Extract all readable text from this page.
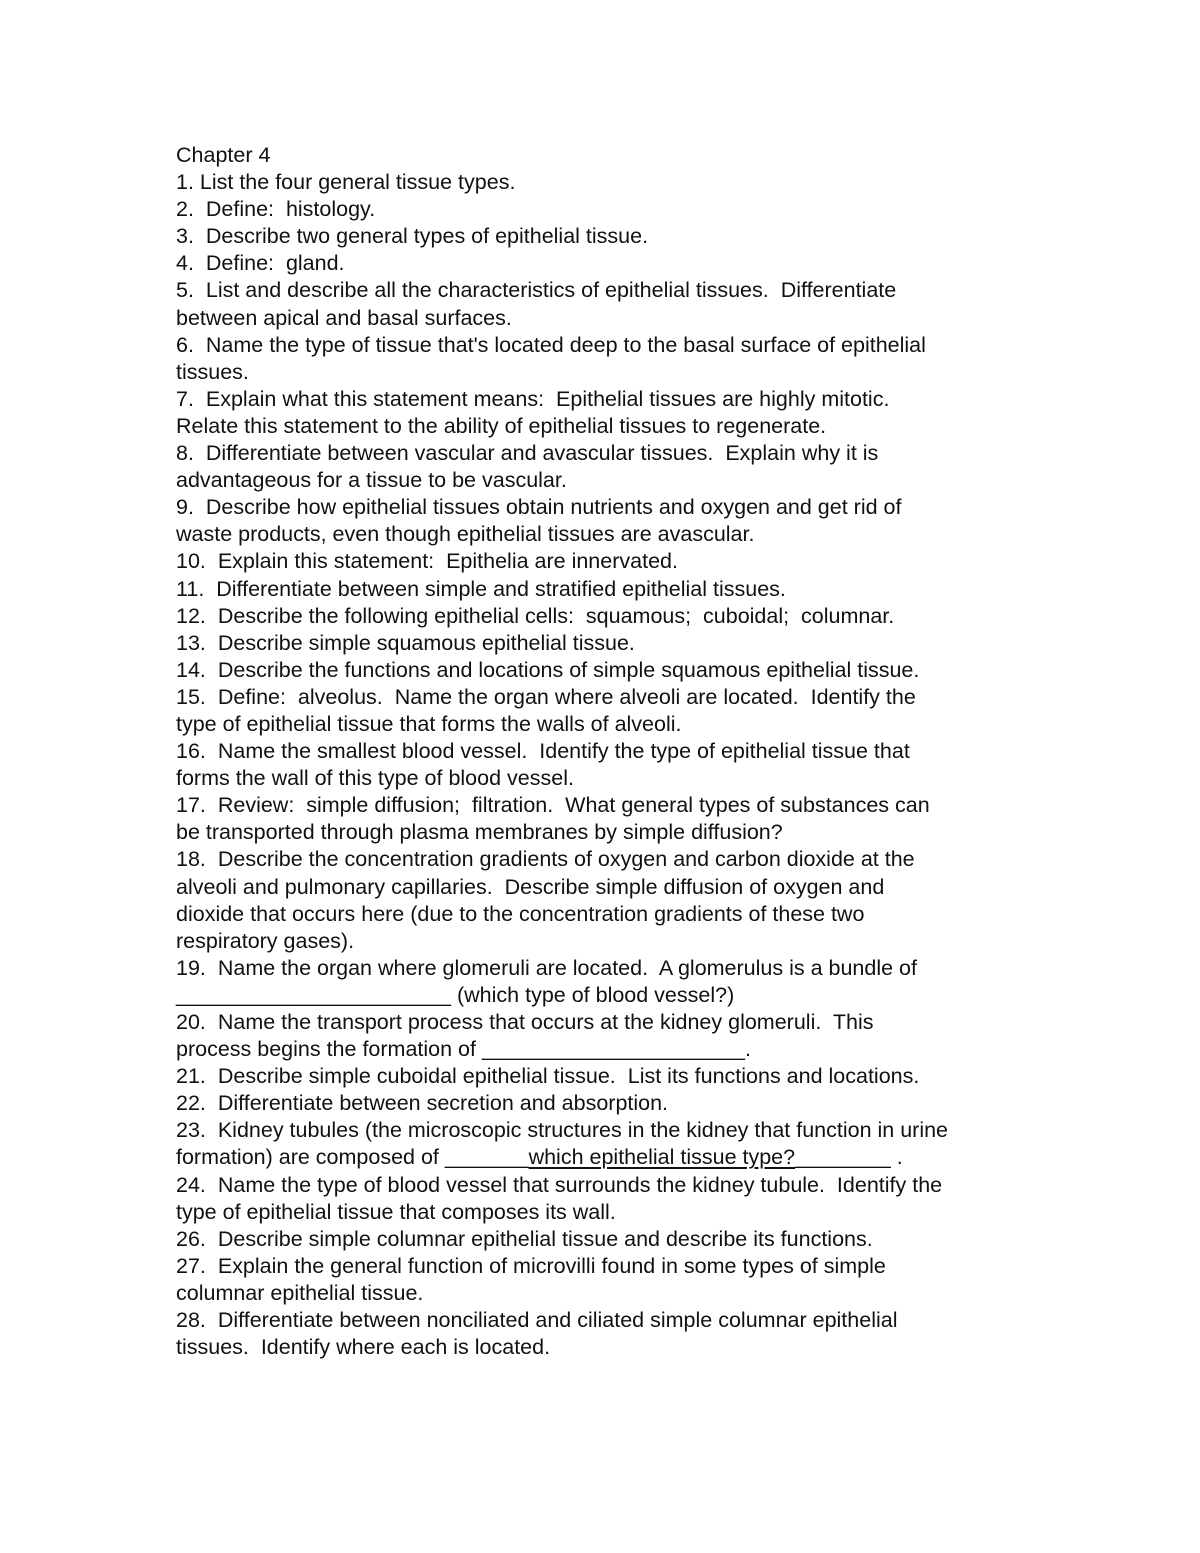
Chapter 4
1. List the four general tissue types.
2.  Define:  histology.
3.  Describe two general types of epithelial tissue.
4.  Define:  gland.
5.  List and describe all the characteristics of epithelial tissues.  Differentiate
between apical and basal surfaces.
6.  Name the type of tissue that's located deep to the basal surface of epithelial
tissues.
7.  Explain what this statement means:  Epithelial tissues are highly mitotic.
Relate this statement to the ability of epithelial tissues to regenerate.
8.  Differentiate between vascular and avascular tissues.  Explain why it is
advantageous for a tissue to be vascular.
9.  Describe how epithelial tissues obtain nutrients and oxygen and get rid of
waste products, even though epithelial tissues are avascular.
10.  Explain this statement:  Epithelia are innervated.
11.  Differentiate between simple and stratified epithelial tissues.
12.  Describe the following epithelial cells:  squamous;  cuboidal;  columnar.
13.  Describe simple squamous epithelial tissue.
14.  Describe the functions and locations of simple squamous epithelial tissue.
15.  Define:  alveolus.  Name the organ where alveoli are located.  Identify the
type of epithelial tissue that forms the walls of alveoli.
16.  Name the smallest blood vessel.  Identify the type of epithelial tissue that
forms the wall of this type of blood vessel.
17.  Review:  simple diffusion;  filtration.  What general types of substances can
be transported through plasma membranes by simple diffusion?
18.  Describe the concentration gradients of oxygen and carbon dioxide at the
alveoli and pulmonary capillaries.  Describe simple diffusion of oxygen and
dioxide that occurs here (due to the concentration gradients of these two
respiratory gases).
19.  Name the organ where glomeruli are located.  A glomerulus is a bundle of
_______________________ (which type of blood vessel?)
20.  Name the transport process that occurs at the kidney glomeruli.  This
process begins the formation of ______________________.
21.  Describe simple cuboidal epithelial tissue.  List its functions and locations.
22.  Differentiate between secretion and absorption.
23.  Kidney tubules (the microscopic structures in the kidney that function in urine
formation) are composed of _______which epithelial tissue type?________ .
24.  Name the type of blood vessel that surrounds the kidney tubule.  Identify the
type of epithelial tissue that composes its wall.
26.  Describe simple columnar epithelial tissue and describe its functions.
27.  Explain the general function of microvilli found in some types of simple
columnar epithelial tissue.
28.  Differentiate between nonciliated and ciliated simple columnar epithelial
tissues.  Identify where each is located.
